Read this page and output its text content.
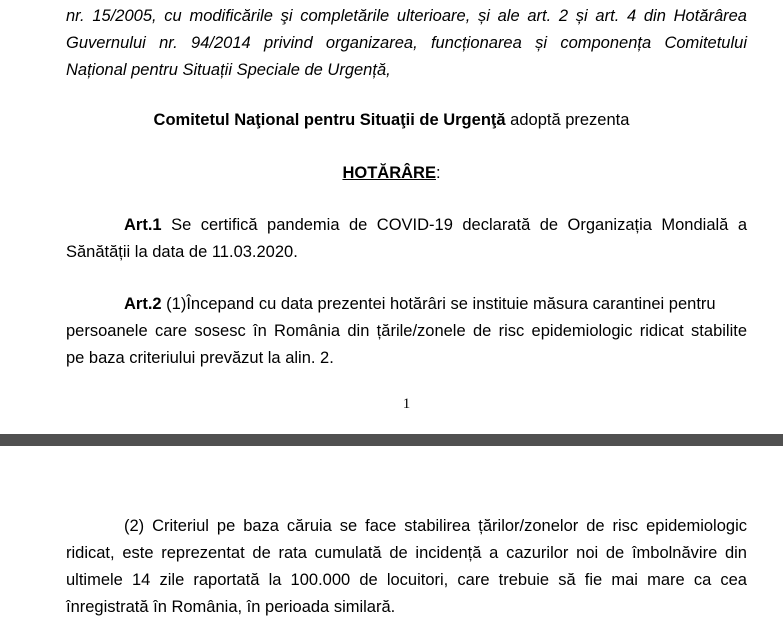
nr. 15/2005, cu modificările şi completările ulterioare, și ale art. 2 și art. 4 din Hotărârea
Guvernului nr. 94/2014 privind organizarea, funcționarea și componența Comitetului
Național pentru Situații Speciale de Urgență,
Comitetul Naţional pentru Situaţii de Urgenţă adoptă prezenta
HOTĂRÂRE:
Art.1 Se certifică pandemia de COVID-19 declarată de Organizația Mondială a
Sănătății la data de 11.03.2020.
Art.2 (1)Începand cu data prezentei hotărâri se instituie măsura carantinei pentru
persoanele care sosesc în România din țările/zonele de risc epidemiologic ridicat stabilite
pe baza criteriului prevăzut la alin. 2.
1
(2) Criteriul pe baza căruia se face stabilirea țărilor/zonelor de risc epidemiologic
ridicat, este reprezentat de rata cumulată de incidență a cazurilor noi de îmbolnăvire din
ultimele 14 zile raportată la 100.000 de locuitori, care trebuie să fie mai mare ca cea
înregistrată în România, în perioada similară.
